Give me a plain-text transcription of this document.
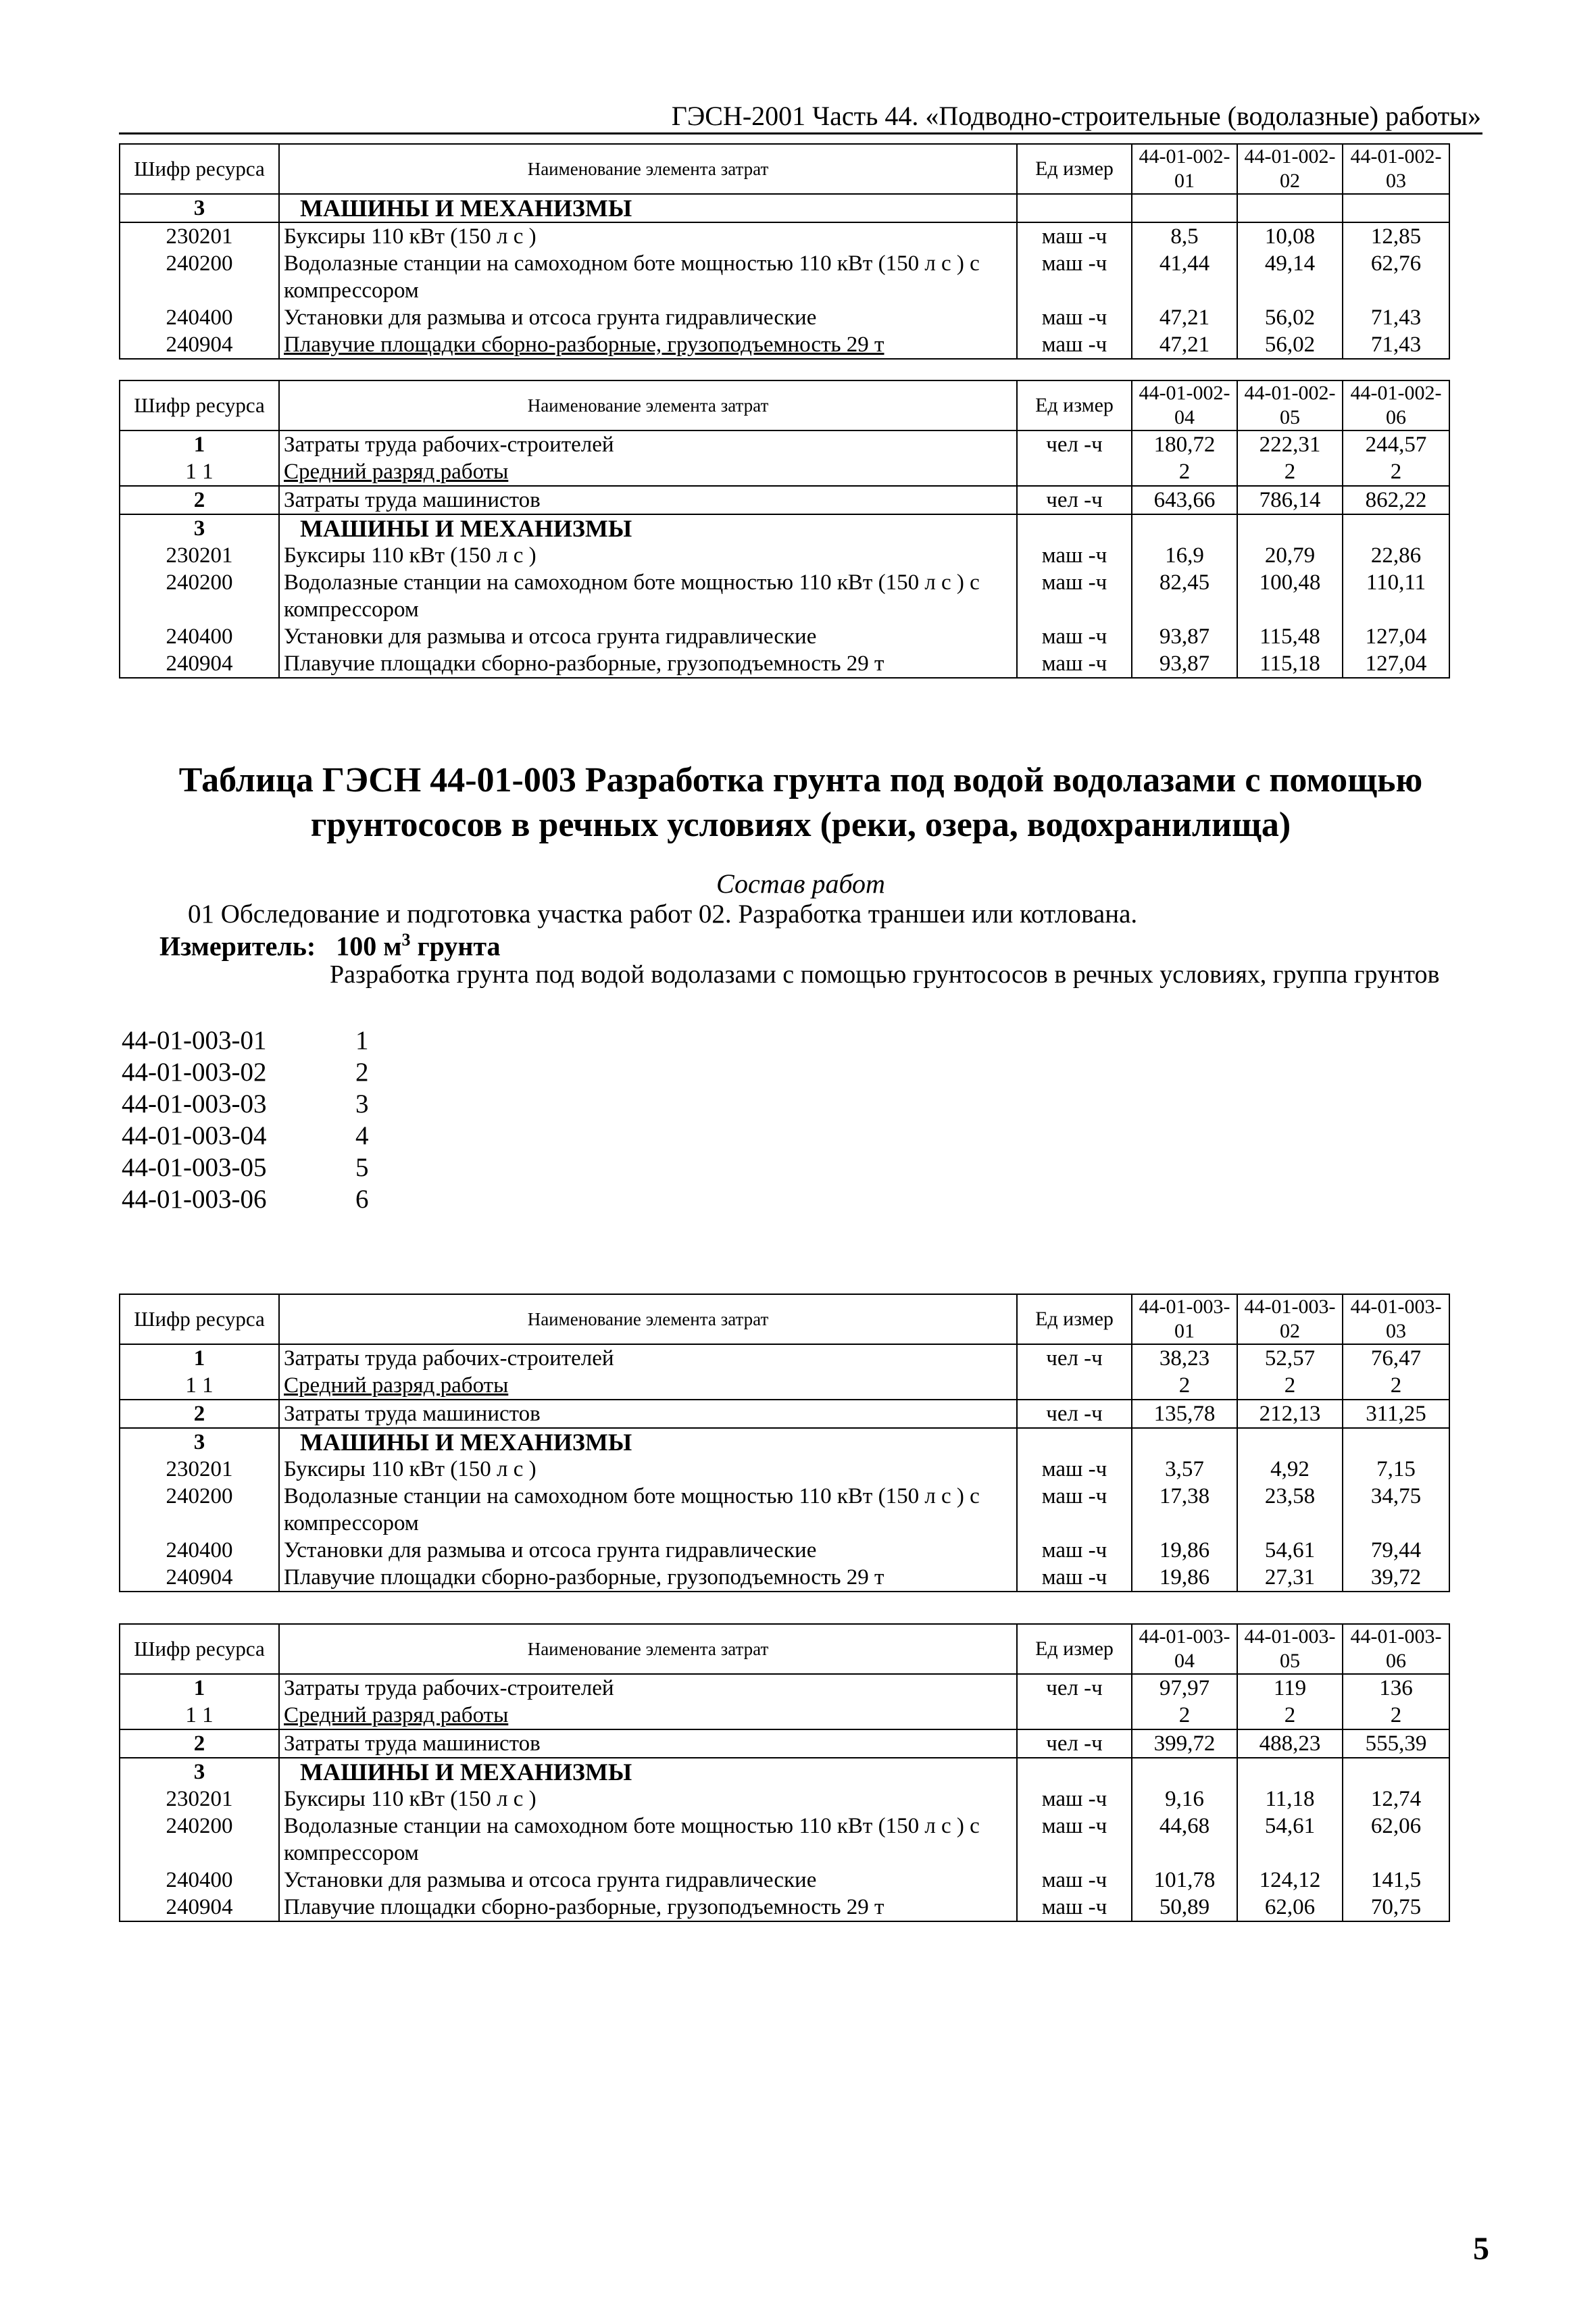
ГЭСН-2001 Часть 44. «Подводно-строительные (водолазные) работы»
Шифр ресурса	Наименование элемента затрат	Ед измер	44-01-002-01	44-01-002-02	44-01-002-03
3	МАШИНЫ И МЕХАНИЗМЫ				
230201	Буксиры 110 кВт (150 л с )	маш -ч	8,5	10,08	12,85
240200	Водолазные станции на самоходном боте мощностью 110 кВт (150 л с ) с компрессором	маш -ч	41,44	49,14	62,76
240400	Установки для размыва и отсоса грунта гидравлические	маш -ч	47,21	56,02	71,43
240904	Плавучие площадки сборно-разборные, грузоподъемность 29 т	маш -ч	47,21	56,02	71,43
Шифр ресурса	Наименование элемента затрат	Ед измер	44-01-002-04	44-01-002-05	44-01-002-06
1	Затраты труда рабочих-строителей	чел -ч	180,72	222,31	244,57
1 1	Средний разряд работы		2	2	2
2	Затраты труда машинистов	чел -ч	643,66	786,14	862,22
3	МАШИНЫ И МЕХАНИЗМЫ				
230201	Буксиры 110 кВт (150 л с )	маш -ч	16,9	20,79	22,86
240200	Водолазные станции на самоходном боте мощностью 110 кВт (150 л с ) с компрессором	маш -ч	82,45	100,48	110,11
240400	Установки для размыва и отсоса грунта гидравлические	маш -ч	93,87	115,48	127,04
240904	Плавучие площадки сборно-разборные, грузоподъемность 29 т	маш -ч	93,87	115,18	127,04
Таблица ГЭСН 44-01-003 Разработка грунта под водой водолазами с помощью грунтососов в речных условиях (реки, озера, водохранилища)
Состав работ
01 Обследование и подготовка участка работ 02. Разработка траншеи или котлована.
Измеритель: 100 $м^3$ грунта
Разработка грунта под водой водолазами с помощью грунтососов в речных условиях, группа грунтов
44-01-003-01	1
44-01-003-02	2
44-01-003-03	3
44-01-003-04	4
44-01-003-05	5
44-01-003-06	6
Шифр ресурса	Наименование элемента затрат	Ед измер	44-01-003-01	44-01-003-02	44-01-003-03
1	Затраты труда рабочих-строителей	чел -ч	38,23	52,57	76,47
1 1	Средний разряд работы		2	2	2
2	Затраты труда машинистов	чел -ч	135,78	212,13	311,25
3	МАШИНЫ И МЕХАНИЗМЫ				
230201	Буксиры 110 кВт (150 л с )	маш -ч	3,57	4,92	7,15
240200	Водолазные станции на самоходном боте мощностью 110 кВт (150 л с ) с компрессором	маш -ч	17,38	23,58	34,75
240400	Установки для размыва и отсоса грунта гидравлические	маш -ч	19,86	54,61	79,44
240904	Плавучие площадки сборно-разборные, грузоподъемность 29 т	маш -ч	19,86	27,31	39,72
Шифр ресурса	Наименование элемента затрат	Ед измер	44-01-003-04	44-01-003-05	44-01-003-06
1	Затраты труда рабочих-строителей	чел -ч	97,97	119	136
1 1	Средний разряд работы		2	2	2
2	Затраты труда машинистов	чел -ч	399,72	488,23	555,39
3	МАШИНЫ И МЕХАНИЗМЫ				
230201	Буксиры 110 кВт (150 л с )	маш -ч	9,16	11,18	12,74
240200	Водолазные станции на самоходном боте мощностью 110 кВт (150 л с ) с компрессором	маш -ч	44,68	54,61	62,06
240400	Установки для размыва и отсоса грунта гидравлические	маш -ч	101,78	124,12	141,5
240904	Плавучие площадки сборно-разборные, грузоподъемность 29 т	маш -ч	50,89	62,06	70,75
5
